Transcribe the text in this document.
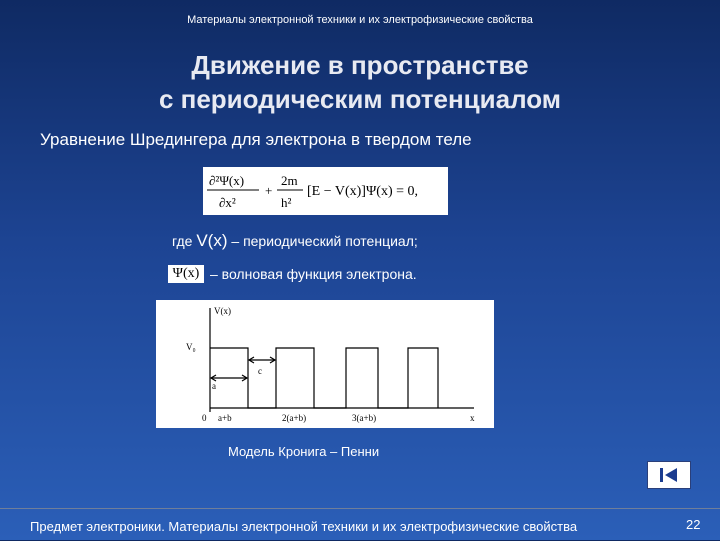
Материалы электронной техники и их электрофизические свойства
Движение в пространстве
с периодическим потенциалом
Уравнение Шредингера для электрона в твердом теле
∂²Ψ(x)
∂x²
+
2m
h²
[E − V(x)]Ψ(x) = 0,
где V(x) – периодический потенциал;
Ψ(x) – волновая функция электрона.
V(x)
V₀
c
a
0 a+b	2(a+b)	3(a+b)	x
Модель Кронига – Пенни
Предмет электроники. Материалы электронной техники и их электрофизические свойства	22
